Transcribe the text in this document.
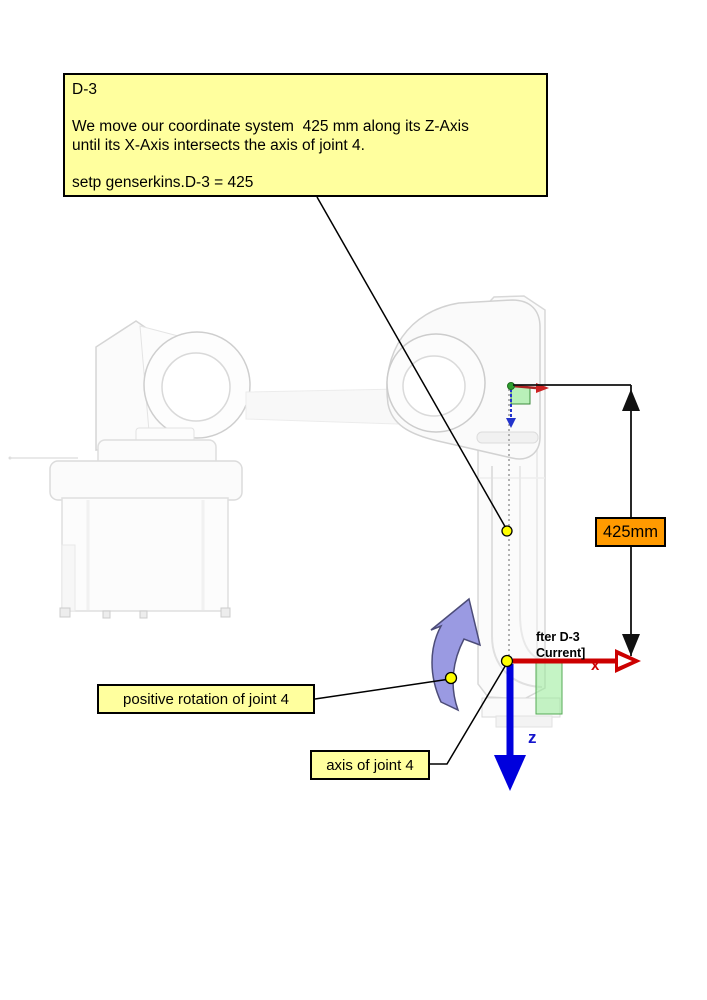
D-3
We move our coordinate system  425 mm along its Z-Axis
until its X-Axis intersects the axis of joint 4.
setp genserkins.D-3 = 425
425mm
positive rotation of joint 4
axis of joint 4
fter D-3
Current]
x
z
